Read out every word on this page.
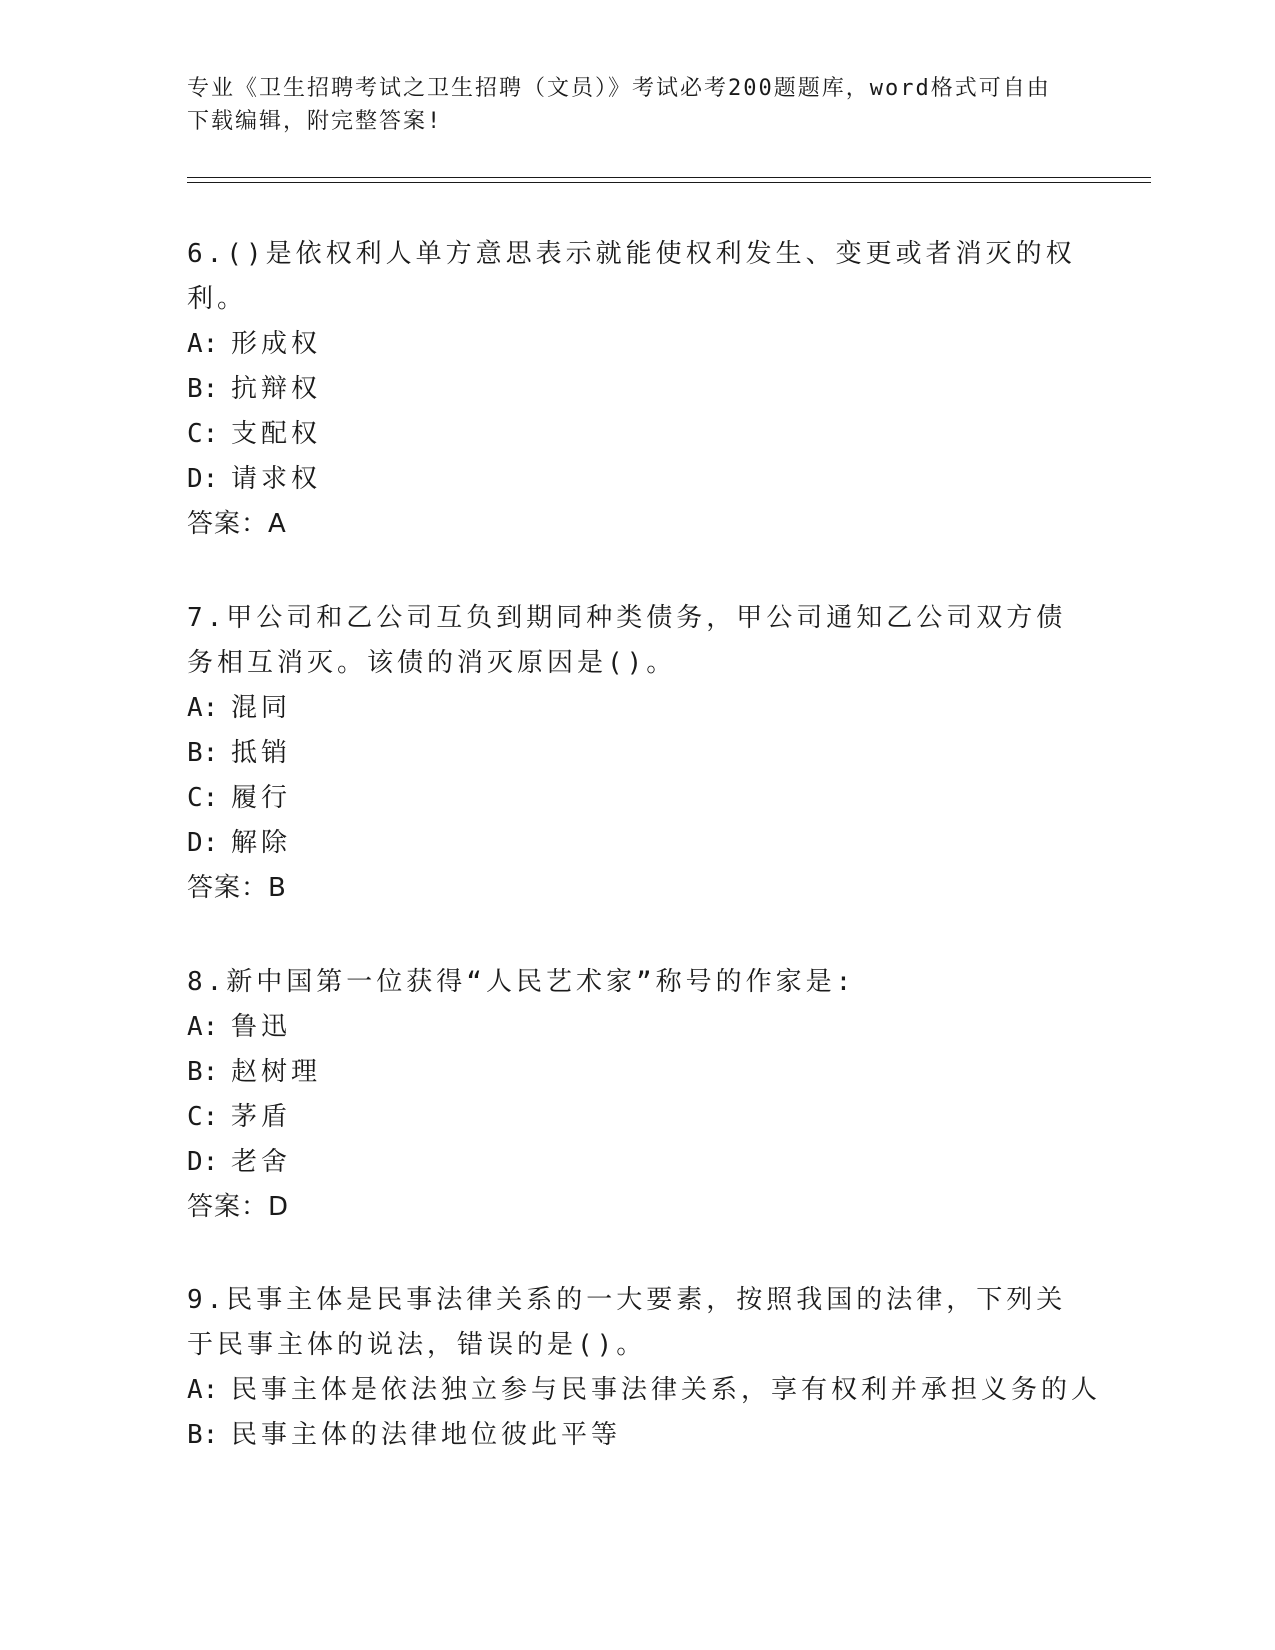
专业《卫生招聘考试之卫生招聘（文员）》考试必考200题题库，word格式可自由下载编辑，附完整答案!

6.()是依权利人单方意思表示就能使权利发生、变更或者消灭的权利。

A: 形成权

B: 抗辩权

C: 支配权

D: 请求权

答案：A

7.甲公司和乙公司互负到期同种类债务，甲公司通知乙公司双方债务相互消灭。该债的消灭原因是()。

A: 混同

B: 抵销

C: 履行

D: 解除

答案：B

8.新中国第一位获得“人民艺术家”称号的作家是:

A: 鲁迅

B: 赵树理

C: 茅盾

D: 老舍

答案：D

9.民事主体是民事法律关系的一大要素，按照我国的法律，下列关于民事主体的说法，错误的是()。

A: 民事主体是依法独立参与民事法律关系，享有权利并承担义务的人

B: 民事主体的法律地位彼此平等
